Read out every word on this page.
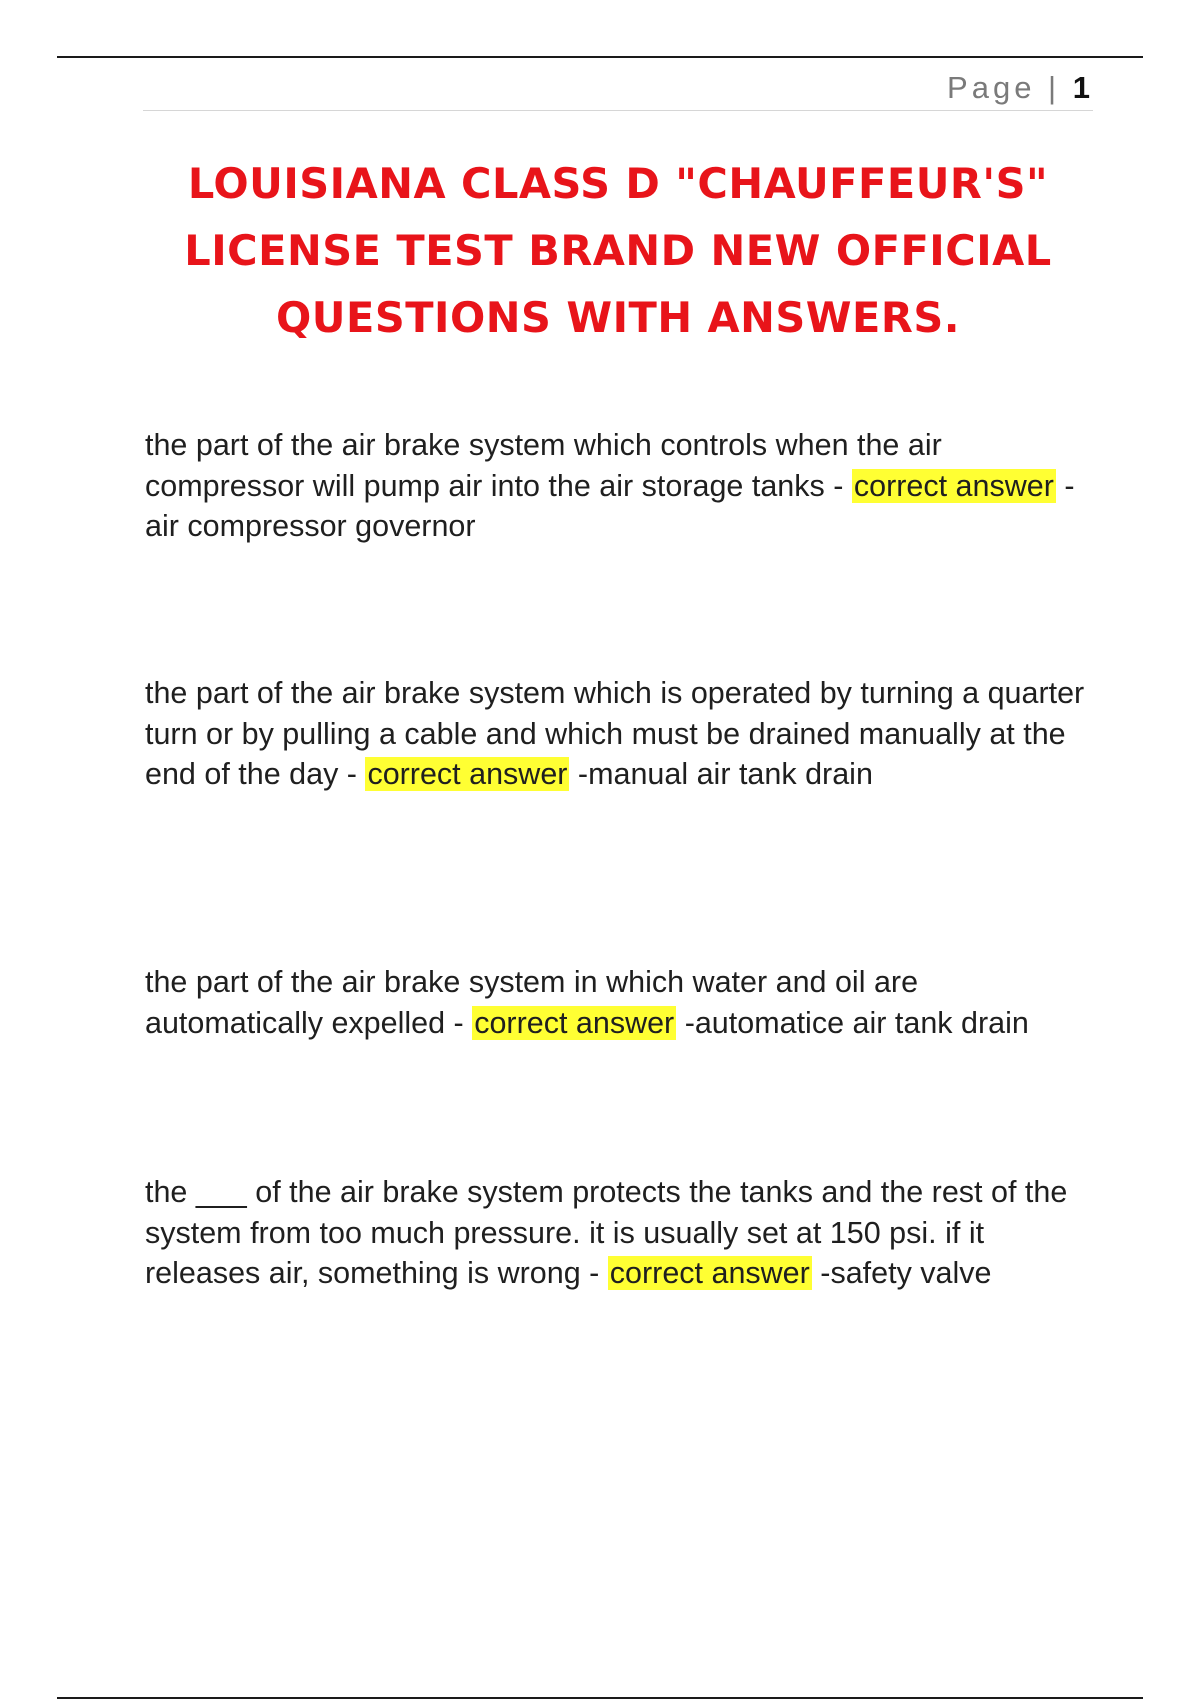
Page | 1
LOUISIANA CLASS D "CHAUFFEUR'S" LICENSE TEST BRAND NEW OFFICIAL QUESTIONS WITH ANSWERS.
the part of the air brake system which controls when the air compressor will pump air into the air storage tanks - correct answer -air compressor governor
the part of the air brake system which is operated by turning a quarter turn or by pulling a cable and which must be drained manually at the end of the day - correct answer -manual air tank drain
the part of the air brake system in which water and oil are automatically expelled - correct answer -automatice air tank drain
the ___ of the air brake system protects the tanks and the rest of the system from too much pressure. it is usually set at 150 psi. if it releases air, something is wrong - correct answer -safety valve
